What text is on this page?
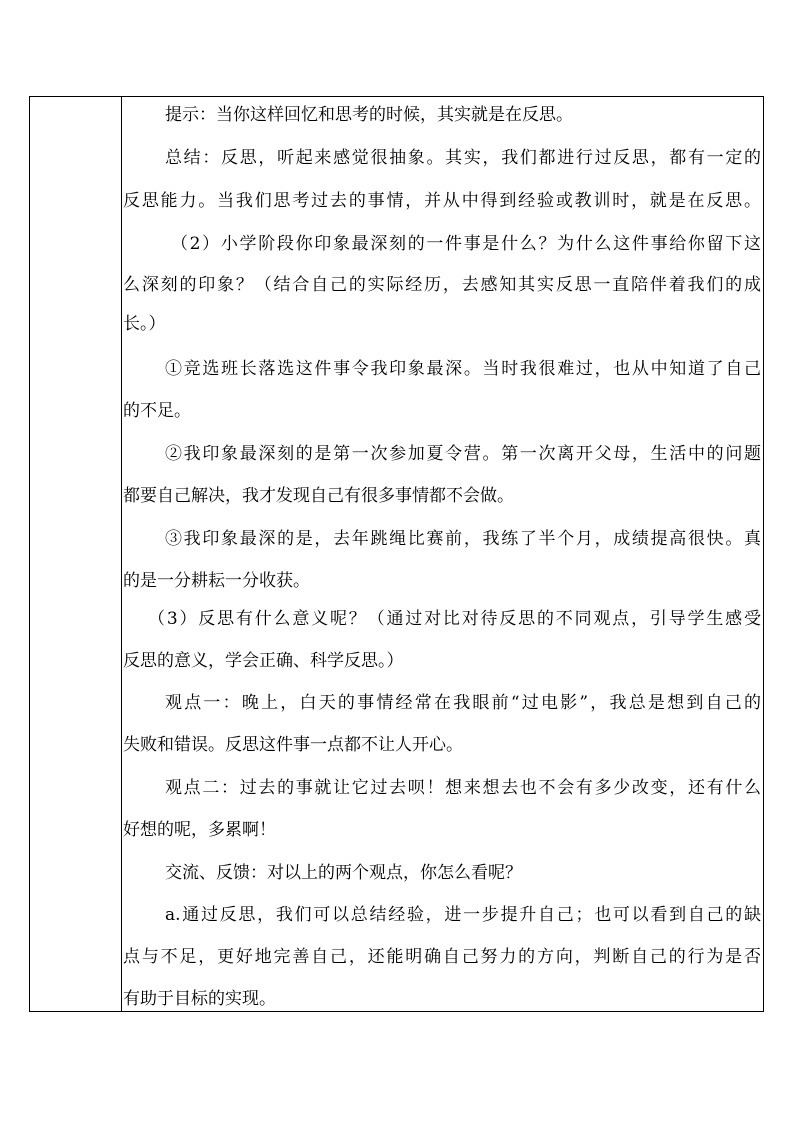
提示：当你这样回忆和思考的时候，其实就是在反思。

总结：反思，听起来感觉很抽象。其实，我们都进行过反思，都有一定的

反思能力。当我们思考过去的事情，并从中得到经验或教训时，就是在反思。

（2）小学阶段你印象最深刻的一件事是什么？为什么这件事给你留下这

么深刻的印象？（结合自己的实际经历，去感知其实反思一直陪伴着我们的成

长。）

①竞选班长落选这件事令我印象最深。当时我很难过，也从中知道了自己

的不足。

②我印象最深刻的是第一次参加夏令营。第一次离开父母，生活中的问题

都要自己解决，我才发现自己有很多事情都不会做。

③我印象最深的是，去年跳绳比赛前，我练了半个月，成绩提高很快。真

的是一分耕耘一分收获。

（3）反思有什么意义呢？（通过对比对待反思的不同观点，引导学生感受

反思的意义，学会正确、科学反思。）

观点一：晚上，白天的事情经常在我眼前“过电影”，我总是想到自己的

失败和错误。反思这件事一点都不让人开心。

观点二：过去的事就让它过去呗！想来想去也不会有多少改变，还有什么

好想的呢，多累啊！

交流、反馈：对以上的两个观点，你怎么看呢？

a.通过反思，我们可以总结经验，进一步提升自己；也可以看到自己的缺

点与不足，更好地完善自己，还能明确自己努力的方向，判断自己的行为是否

有助于目标的实现。
